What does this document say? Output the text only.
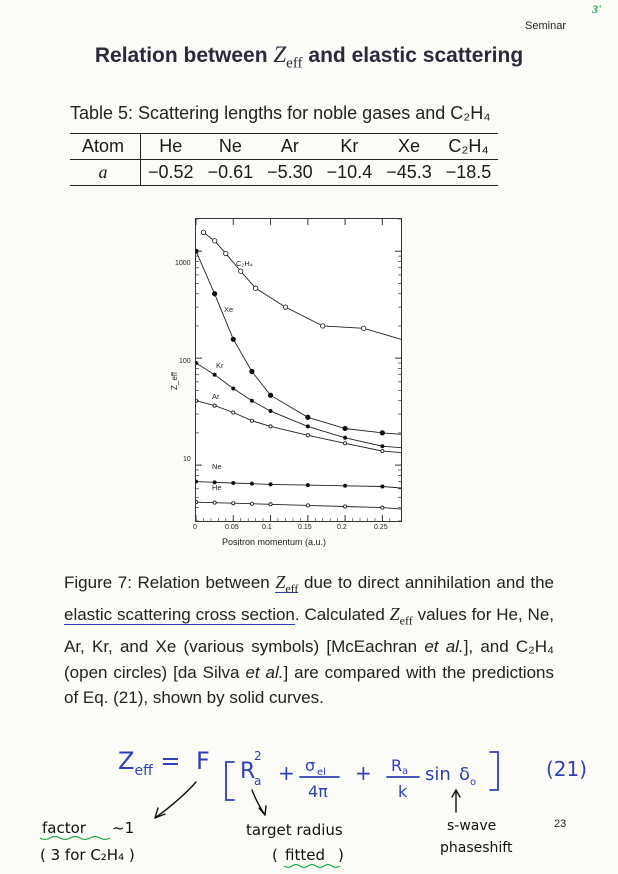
3'
Seminar
Relation between $Z_{eff}$ and elastic scattering
Table 5: Scattering lengths for noble gases and C₂H₄
Atom	He	Ne	Ar	Kr	Xe	C₂H₄
a	−0.52	−0.61	−5.30	−10.4	−45.3	−18.5
1000
100
10
Z_eff
0	0.05	0.1	0.15	0.2	0.25
Positron momentum (a.u.)
C₂H₄
Xe
Kr
Ar
Ne
He
Figure 7: Relation between $Z_{eff}$ due to direct annihilation and the elastic scattering cross section. Calculated $Z_{eff}$ values for He, Ne, Ar, Kr, and Xe (various symbols) [McEachran et al.], and C₂H₄ (open circles) [da Silva et al.] are compared with the predictions of Eq. (21), shown by solid curves.
$Z_{eff} = F$ R
2
a + σ el
4π
+ R a
k
sin δ o
factor ~1
( 3 for C₂H₄ )
target radius
( fitted )
s-wave
phaseshift
(21)
23
